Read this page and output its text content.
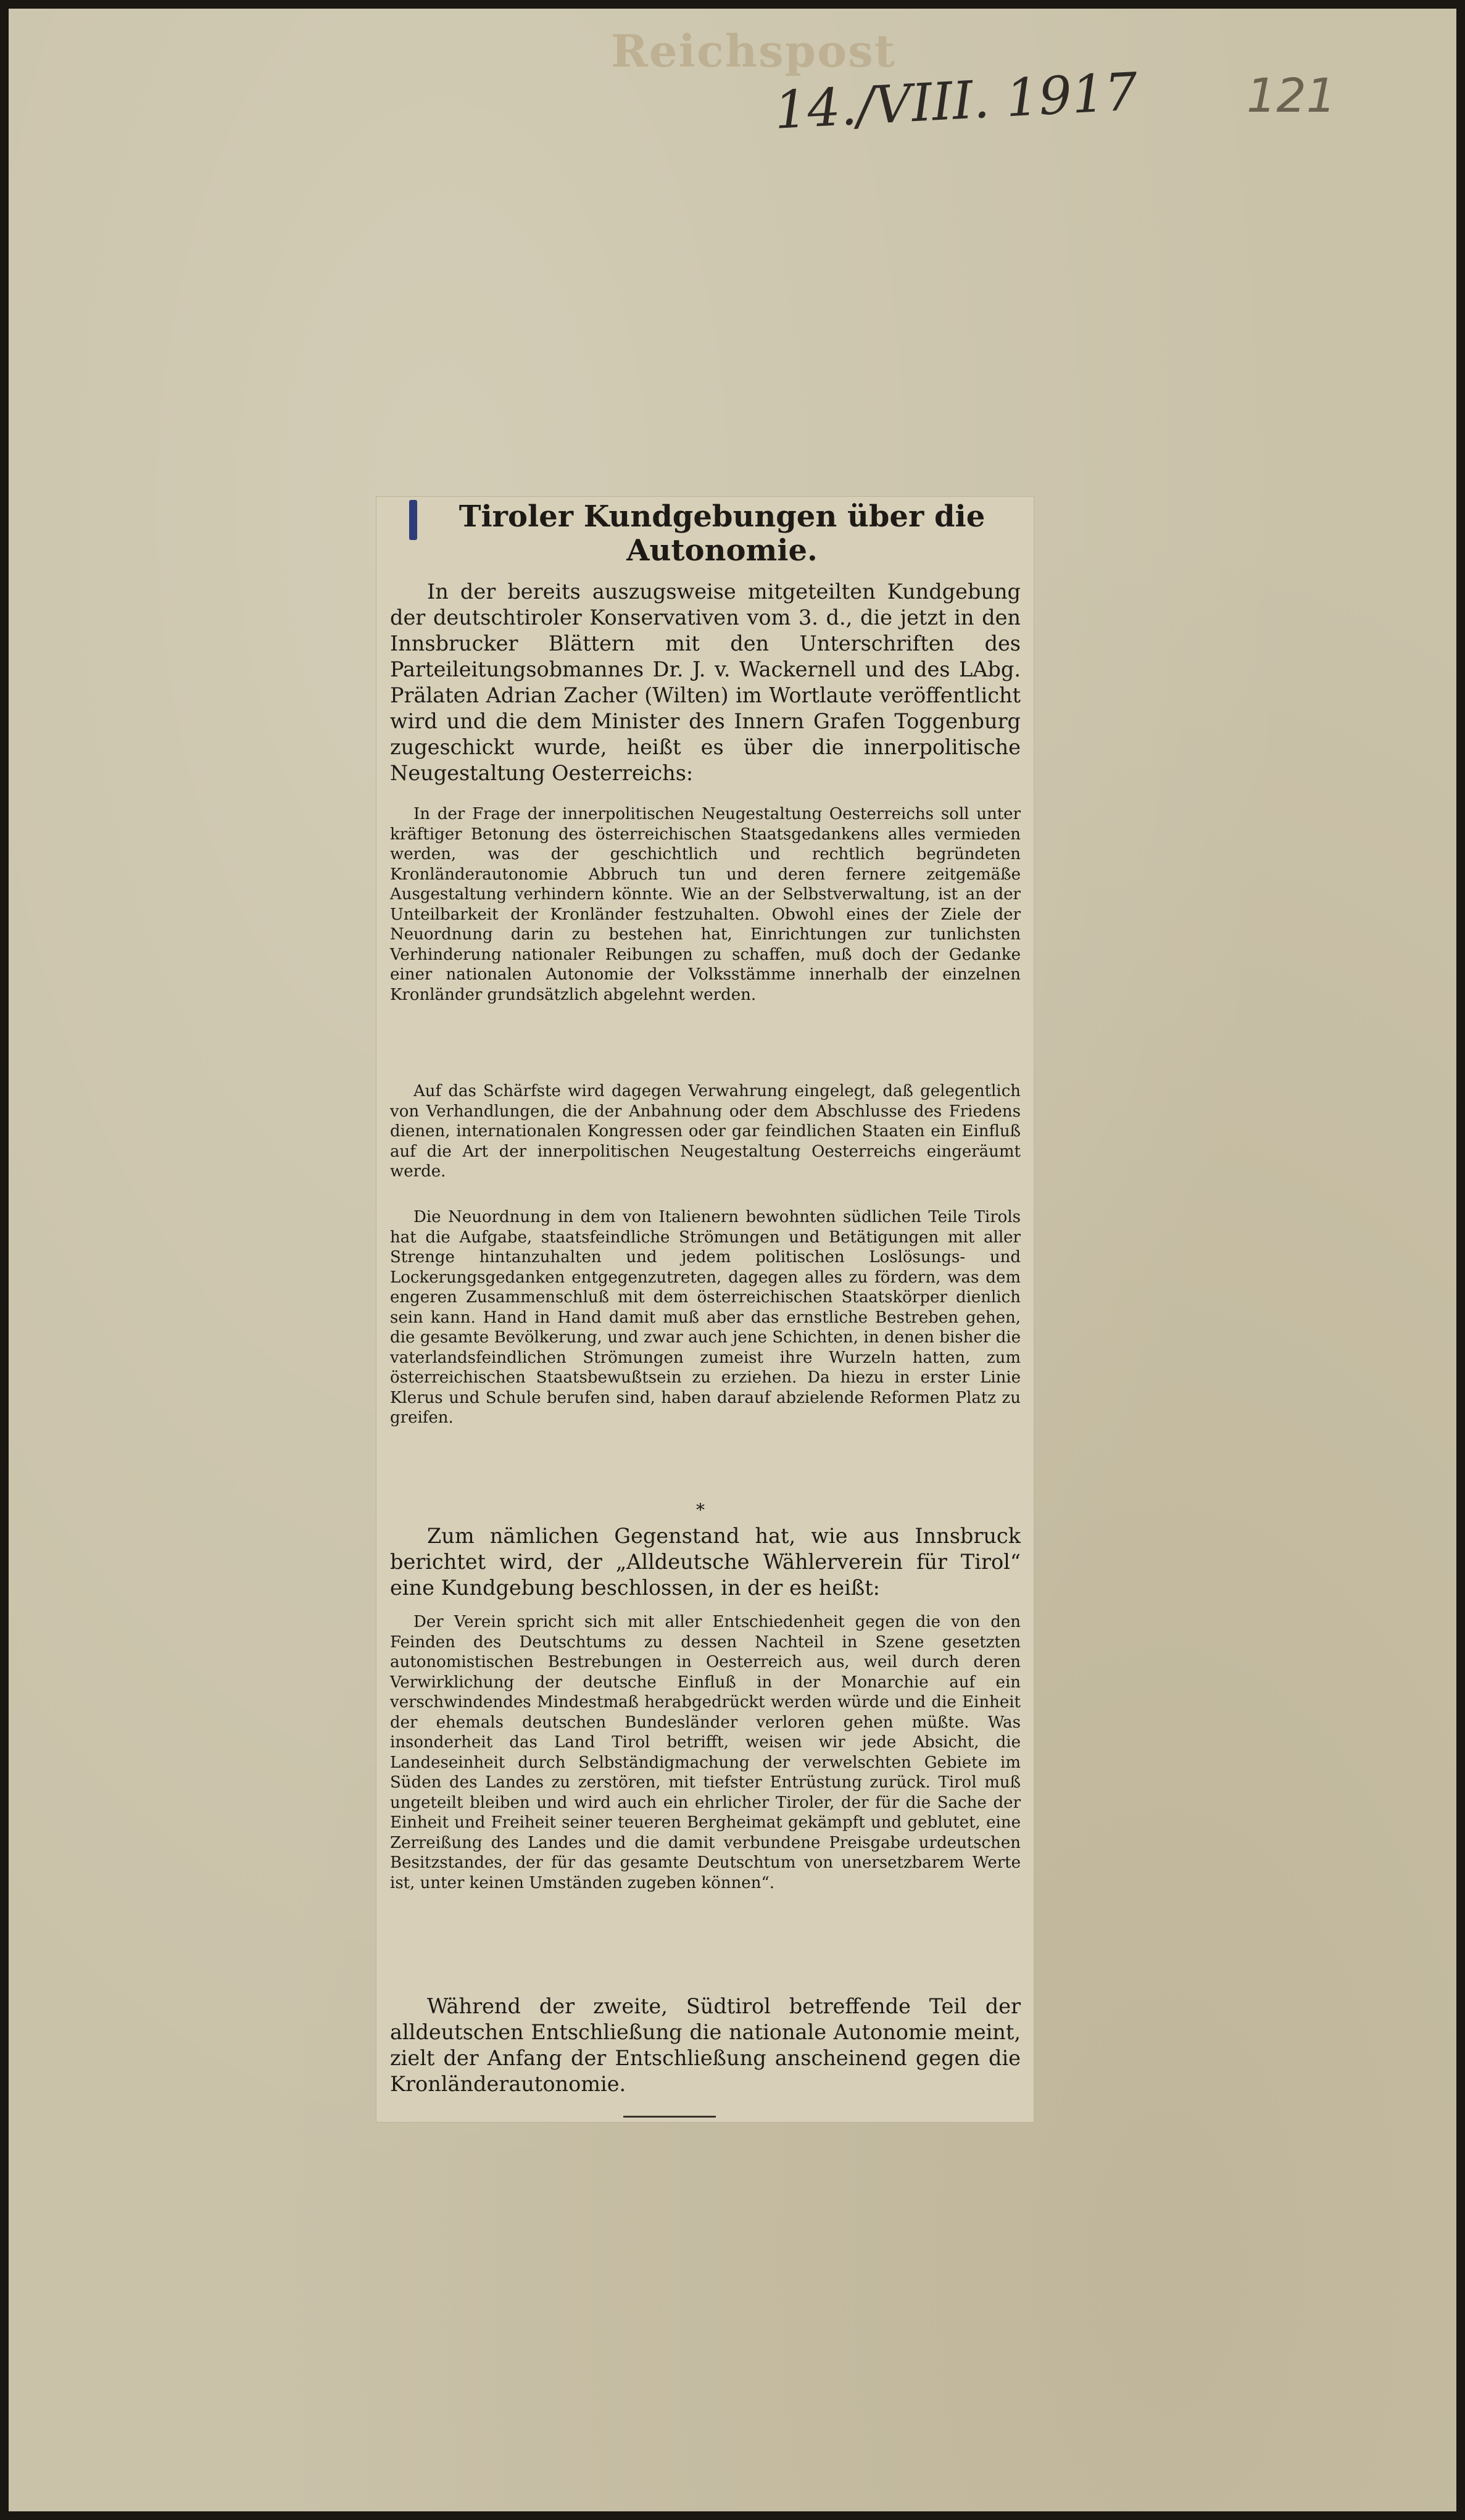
Reichspost
14./VIII. 1917 121
Tiroler Kundgebungen über die Autonomie.

In der bereits auszugsweise mitgeteilten Kundgebung der deutschtiroler Konservativen vom 3. d., die jetzt in den Innsbrucker Blättern mit den Unterschriften des Parteileitungsobmannes Dr. J. v. Wackernell und des LAbg. Prälaten Adrian Zacher (Wilten) im Wortlaute veröffentlicht wird und die dem Minister des Innern Grafen Toggenburg zugeschickt wurde, heißt es über die innerpolitische Neugestaltung Oesterreichs:

In der Frage der innerpolitischen Neugestaltung Oesterreichs soll unter kräftiger Betonung des österreichischen Staatsgedankens alles vermieden werden, was der geschichtlich und rechtlich begründeten Kronländerautonomie Abbruch tun und deren fernere zeitgemäße Ausgestaltung verhindern könnte. Wie an der Selbstverwaltung, ist an der Unteilbarkeit der Kronländer festzuhalten. Obwohl eines der Ziele der Neuordnung darin zu bestehen hat, Einrichtungen zur tunlichsten Verhinderung nationaler Reibungen zu schaffen, muß doch der Gedanke einer nationalen Autonomie der Volksstämme innerhalb der einzelnen Kronländer grundsätzlich abgelehnt werden.

Auf das Schärfste wird dagegen Verwahrung eingelegt, daß gelegentlich von Verhandlungen, die der Anbahnung oder dem Abschlusse des Friedens dienen, internationalen Kongressen oder gar feindlichen Staaten ein Einfluß auf die Art der innerpolitischen Neugestaltung Oesterreichs eingeräumt werde.

Die Neuordnung in dem von Italienern bewohnten südlichen Teile Tirols hat die Aufgabe, staatsfeindliche Strömungen und Betätigungen mit aller Strenge hintanzuhalten und jedem politischen Loslösungs- und Lockerungsgedanken entgegenzutreten, dagegen alles zu fördern, was dem engeren Zusammenschluß mit dem österreichischen Staatskörper dienlich sein kann. Hand in Hand damit muß aber das ernstliche Bestreben gehen, die gesamte Bevölkerung, und zwar auch jene Schichten, in denen bisher die vaterlandsfeindlichen Strömungen zumeist ihre Wurzeln hatten, zum österreichischen Staatsbewußtsein zu erziehen. Da hiezu in erster Linie Klerus und Schule berufen sind, haben darauf abzielende Reformen Platz zu greifen.

*

Zum nämlichen Gegenstand hat, wie aus Innsbruck berichtet wird, der „Alldeutsche Wählerverein für Tirol“ eine Kundgebung beschlossen, in der es heißt:

Der Verein spricht sich mit aller Entschiedenheit gegen die von den Feinden des Deutschtums zu dessen Nachteil in Szene gesetzten autonomistischen Bestrebungen in Oesterreich aus, weil durch deren Verwirklichung der deutsche Einfluß in der Monarchie auf ein verschwindendes Mindestmaß herabgedrückt werden würde und die Einheit der ehemals deutschen Bundesländer verloren gehen müßte. Was insonderheit das Land Tirol betrifft, weisen wir jede Absicht, die Landeseinheit durch Selbständigmachung der verwelschten Gebiete im Süden des Landes zu zerstören, mit tiefster Entrüstung zurück. Tirol muß ungeteilt bleiben und wird auch ein ehrlicher Tiroler, der für die Sache der Einheit und Freiheit seiner teueren Bergheimat gekämpft und geblutet, eine Zerreißung des Landes und die damit verbundene Preisgabe urdeutschen Besitzstandes, der für das gesamte Deutschtum von unersetzbarem Werte ist, unter keinen Umständen zugeben können“.

Während der zweite, Südtirol betreffende Teil der alldeutschen Entschließung die nationale Autonomie meint, zielt der Anfang der Entschließung anscheinend gegen die Kronländerautonomie.
